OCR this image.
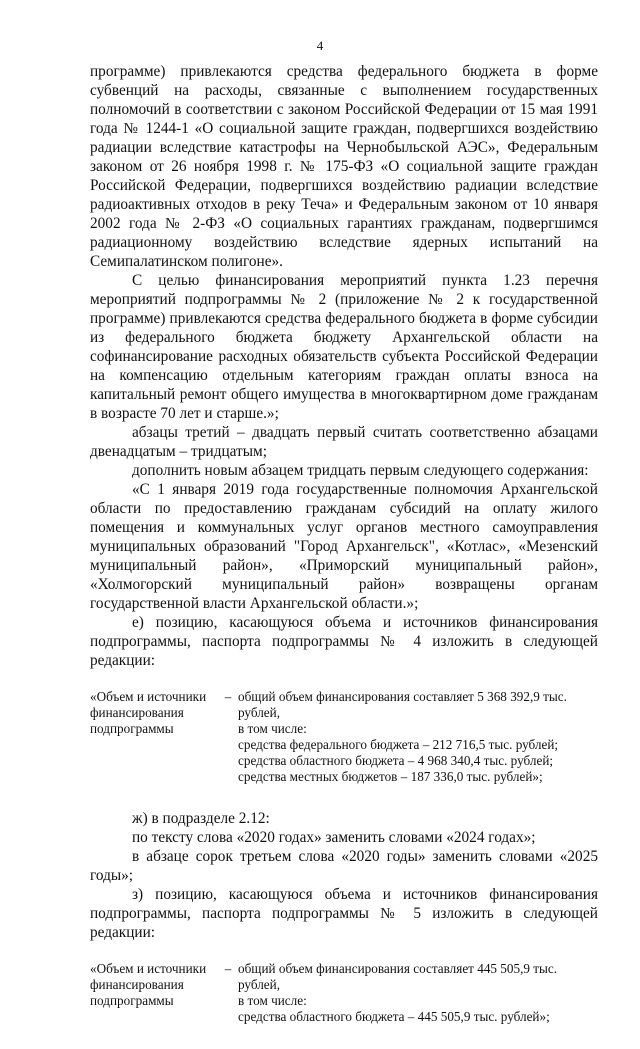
4

программе) привлекаются средства федерального бюджета в форме субвенций на расходы, связанные с выполнением государственных полномочий в соответствии с законом Российской Федерации от 15 мая 1991 года № 1244-1 «О социальной защите граждан, подвергшихся воздействию радиации вследствие катастрофы на Чернобыльской АЭС», Федеральным законом от 26 ноября 1998 г. № 175-ФЗ «О социальной защите граждан Российской Федерации, подвергшихся воздействию радиации вследствие радиоактивных отходов в реку Теча» и Федеральным законом от 10 января 2002 года № 2-ФЗ «О социальных гарантиях гражданам, подвергшимся радиационному воздействию вследствие ядерных испытаний на Семипалатинском полигоне».

С целью финансирования мероприятий пункта 1.23 перечня мероприятий подпрограммы № 2 (приложение № 2 к государственной программе) привлекаются средства федерального бюджета в форме субсидии из федерального бюджета бюджету Архангельской области на софинансирование расходных обязательств субъекта Российской Федерации на компенсацию отдельным категориям граждан оплаты взноса на капитальный ремонт общего имущества в многоквартирном доме гражданам в возрасте 70 лет и старше.»;

абзацы третий – двадцать первый считать соответственно абзацами двенадцатым – тридцатым;

дополнить новым абзацем тридцать первым следующего содержания:

«С 1 января 2019 года государственные полномочия Архангельской области по предоставлению гражданам субсидий на оплату жилого помещения и коммунальных услуг органов местного самоуправления муниципальных образований "Город Архангельск", «Котлас», «Мезенский муниципальный район», «Приморский муниципальный район», «Холмогорский муниципальный район» возвращены органам государственной власти Архангельской области.»;

е) позицию, касающуюся объема и источников финансирования подпрограммы, паспорта подпрограммы № 4 изложить в следующей редакции:

«Объем и источники финансирования подпрограммы
– общий объем финансирования составляет 5 368 392,9 тыс. рублей,
в том числе:
средства федерального бюджета – 212 716,5 тыс. рублей;
средства областного бюджета – 4 968 340,4 тыс. рублей;
средства местных бюджетов – 187 336,0 тыс. рублей»;

ж) в подразделе 2.12:

по тексту слова «2020 годах» заменить словами «2024 годах»;

в абзаце сорок третьем слова «2020 годы» заменить словами «2025 годы»;

з) позицию, касающуюся объема и источников финансирования подпрограммы, паспорта подпрограммы № 5 изложить в следующей редакции:

«Объем и источники финансирования подпрограммы
– общий объем финансирования составляет 445 505,9 тыс. рублей,
в том числе:
средства областного бюджета – 445 505,9 тыс. рублей»;
